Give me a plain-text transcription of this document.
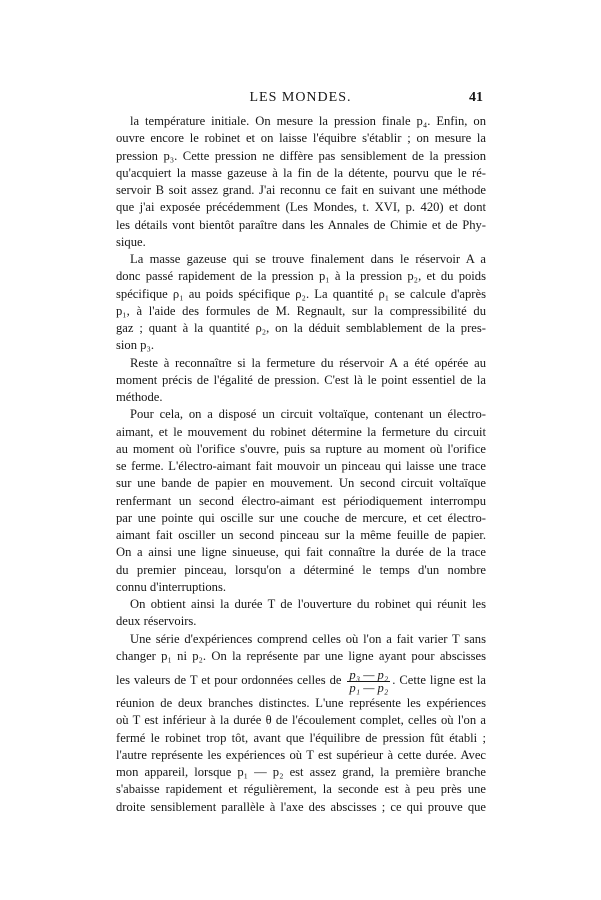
LES MONDES.	41
la température initiale. On mesure la pression finale p₄. Enfin, on
ouvre encore le robinet et on laisse l'équibre s'établir ; on mesure la
pression p₃. Cette pression ne diffère pas sensiblement de la pression
qu'acquiert la masse gazeuse à la fin de la détente, pourvu que le ré-
servoir B soit assez grand. J'ai reconnu ce fait en suivant une méthode
que j'ai exposée précédemment (Les Mondes, t. XVI, p. 420) et dont
les détails vont bientôt paraître dans les Annales de Chimie et de Phy-
sique.
La masse gazeuse qui se trouve finalement dans le réservoir A a
donc passé rapidement de la pression p₁ à la pression p₂, et du poids
spécifique ρ₁ au poids spécifique ρ₂. La quantité ρ₁ se calcule d'après
p₁, à l'aide des formules de M. Regnault, sur la compressibilité du
gaz ; quant à la quantité ρ₂, on la déduit semblablement de la pres-
sion p₃.
Reste à reconnaître si la fermeture du réservoir A a été opérée au
moment précis de l'égalité de pression. C'est là le point essentiel de la
méthode.
Pour cela, on a disposé un circuit voltaïque, contenant un électro-
aimant, et le mouvement du robinet détermine la fermeture du circuit
au moment où l'orifice s'ouvre, puis sa rupture au moment où l'orifice
se ferme. L'électro-aimant fait mouvoir un pinceau qui laisse une trace
sur une bande de papier en mouvement. Un second circuit voltaïque
renfermant un second électro-aimant est périodiquement interrompu
par une pointe qui oscille sur une couche de mercure, et cet électro-
aimant fait osciller un second pinceau sur la même feuille de papier.
On a ainsi une ligne sinueuse, qui fait connaître la durée de la trace
du premier pinceau, lorsqu'on a déterminé le temps d'un nombre
connu d'interruptions.
On obtient ainsi la durée T de l'ouverture du robinet qui réunit les
deux réservoirs.
Une série d'expériences comprend celles où l'on a fait varier T sans
changer p₁ ni p₂. On la représente par une ligne ayant pour abscisses
les valeurs de T et pour ordonnées celles de $\frac{\text{p₃ — p₂}}{\text{p₁ — p₂}}$ . Cette ligne est la
réunion de deux branches distinctes. L'une représente les expériences
où T est inférieur à la durée θ de l'écoulement complet, celles où l'on a
fermé le robinet trop tôt, avant que l'équilibre de pression fût établi ;
l'autre représente les expériences où T est supérieur à cette durée. Avec
mon appareil, lorsque p₁ — p₂ est assez grand, la première branche
s'abaisse rapidement et régulièrement, la seconde est à peu près une
droite sensiblement parallèle à l'axe des abscisses ; ce qui prouve que
